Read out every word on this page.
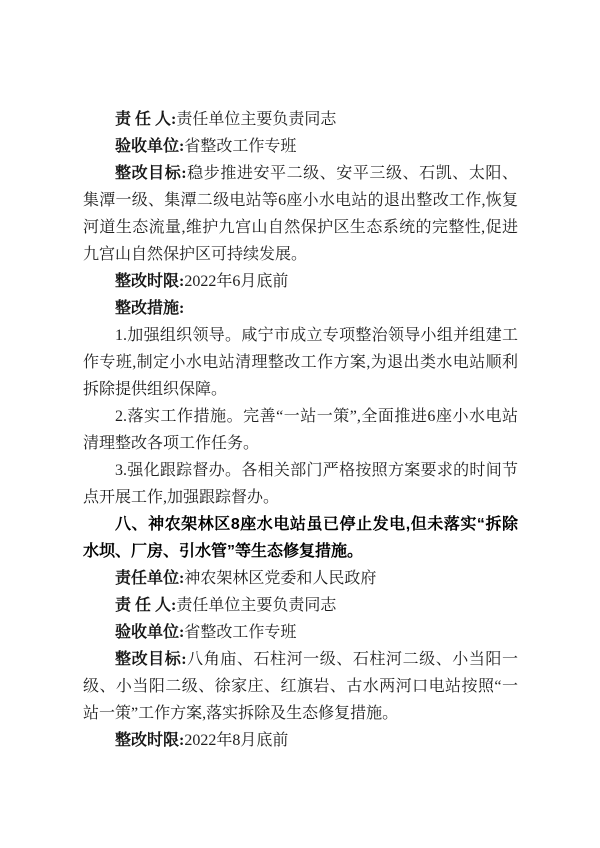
责 任 人:责任单位主要负责同志

验收单位:省整改工作专班

整改目标:稳步推进安平二级、安平三级、石凯、太阳、集潭一级、集潭二级电站等6座小水电站的退出整改工作,恢复河道生态流量,维护九宫山自然保护区生态系统的完整性,促进九宫山自然保护区可持续发展。

整改时限:2022年6月底前

整改措施:

1.加强组织领导。咸宁市成立专项整治领导小组并组建工作专班,制定小水电站清理整改工作方案,为退出类水电站顺利拆除提供组织保障。

2.落实工作措施。完善“一站一策”,全面推进6座小水电站清理整改各项工作任务。

3.强化跟踪督办。各相关部门严格按照方案要求的时间节点开展工作,加强跟踪督办。

八、神农架林区8座水电站虽已停止发电,但未落实“拆除水坝、厂房、引水管”等生态修复措施。

责任单位:神农架林区党委和人民政府

责 任 人:责任单位主要负责同志

验收单位:省整改工作专班

整改目标:八角庙、石柱河一级、石柱河二级、小当阳一级、小当阳二级、徐家庄、红旗岩、古水两河口电站按照“一站一策”工作方案,落实拆除及生态修复措施。

整改时限:2022年8月底前
